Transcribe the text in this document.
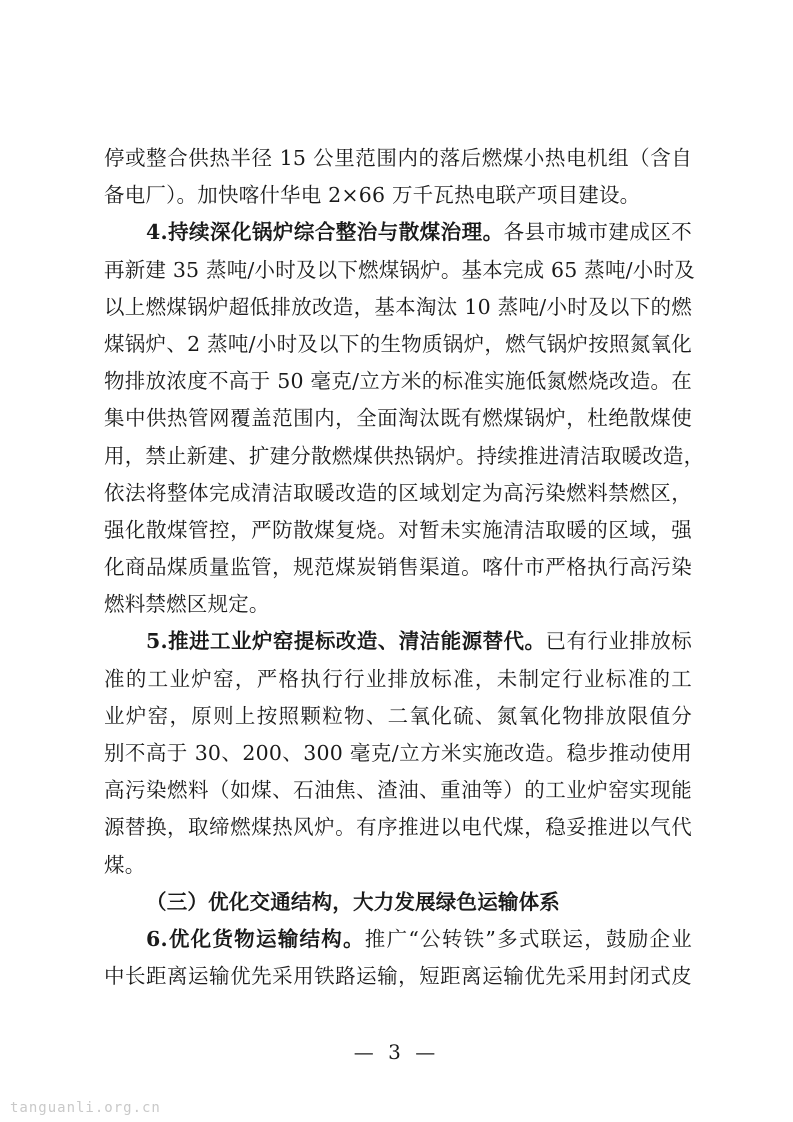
停或整合供热半径 15 公里范围内的落后燃煤小热电机组（含自
备电厂）。加快喀什华电 2×66 万千瓦热电联产项目建设。
4.持续深化锅炉综合整治与散煤治理。各县市城市建成区不
再新建 35 蒸吨/小时及以下燃煤锅炉。基本完成 65 蒸吨/小时及
以上燃煤锅炉超低排放改造，基本淘汰 10 蒸吨/小时及以下的燃
煤锅炉、2 蒸吨/小时及以下的生物质锅炉，燃气锅炉按照氮氧化
物排放浓度不高于 50 毫克/立方米的标准实施低氮燃烧改造。在
集中供热管网覆盖范围内，全面淘汰既有燃煤锅炉，杜绝散煤使
用，禁止新建、扩建分散燃煤供热锅炉。持续推进清洁取暖改造，
依法将整体完成清洁取暖改造的区域划定为高污染燃料禁燃区，
强化散煤管控，严防散煤复烧。对暂未实施清洁取暖的区域，强
化商品煤质量监管，规范煤炭销售渠道。喀什市严格执行高污染
燃料禁燃区规定。
5.推进工业炉窑提标改造、清洁能源替代。已有行业排放标
准的工业炉窑，严格执行行业排放标准，未制定行业标准的工
业炉窑，原则上按照颗粒物、二氧化硫、氮氧化物排放限值分
别不高于 30、200、300 毫克/立方米实施改造。稳步推动使用
高污染燃料（如煤、石油焦、渣油、重油等）的工业炉窑实现能
源替换，取缔燃煤热风炉。有序推进以电代煤，稳妥推进以气代
煤。
（三）优化交通结构，大力发展绿色运输体系
6.优化货物运输结构。推广“公转铁”多式联运，鼓励企业
中长距离运输优先采用铁路运输，短距离运输优先采用封闭式皮
— 3 —
tanguanli.org.cn
